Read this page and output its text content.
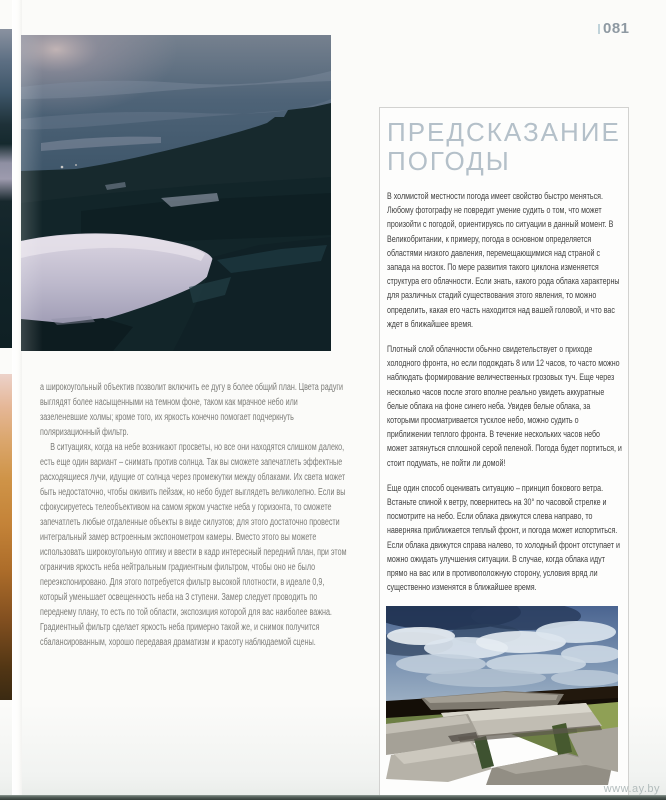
081

а широкоугольный объектив позволит включить ее дугу в более общий план. Цвета радуги выглядят более насыщенными на темном фоне, таком как мрачное небо или зазеленевшие холмы; кроме того, их яркость конечно помогает подчеркнуть поляризационный фильтр.

В ситуациях, когда на небе возникают просветы, но все они находятся слишком далеко, есть еще один вариант – снимать против солнца. Так вы сможете запечатлеть эффектные расходящиеся лучи, идущие от солнца через промежутки между облаками. Их света может быть недостаточно, чтобы оживить пейзаж, но небо будет выглядеть великолепно. Если вы сфокусируетесь телеобъективом на самом ярком участке неба у горизонта, то сможете запечатлеть любые отдаленные объекты в виде силуэтов; для этого достаточно провести интегральный замер встроенным экспонометром камеры. Вместо этого вы можете использовать широкоугольную оптику и ввести в кадр интересный передний план, при этом ограничив яркость неба нейтральным градиентным фильтром, чтобы оно не было переэкспонировано. Для этого потребуется фильтр высокой плотности, в идеале 0,9, который уменьшает освещенность неба на 3 ступени. Замер следует проводить по переднему плану, то есть по той области, экспозиция которой для вас наиболее важна. Градиентный фильтр сделает яркость неба примерно такой же, и снимок получится сбалансированным, хорошо передавая драматизм и красоту наблюдаемой сцены.

ПРЕДСКАЗАНИЕ ПОГОДЫ

В холмистой местности погода имеет свойство быстро меняться. Любому фотографу не повредит умение судить о том, что может произойти с погодой, ориентируясь по ситуации в данный момент. В Великобритании, к примеру, погода в основном определяется областями низкого давления, перемещающимися над страной с запада на восток. По мере развития такого циклона изменяется структура его облачности. Если знать, какого рода облака характерны для различных стадий существования этого явления, то можно определить, какая его часть находится над вашей головой, и что вас ждет в ближайшее время.

Плотный слой облачности обычно свидетельствует о приходе холодного фронта, но если подождать 8 или 12 часов, то часто можно наблюдать формирование величественных грозовых туч. Еще через несколько часов после этого вполне реально увидеть аккуратные белые облака на фоне синего неба. Увидев белые облака, за которыми просматривается тусклое небо, можно судить о приближении теплого фронта. В течение нескольких часов небо может затянуться сплошной серой пеленой. Погода будет портиться, и стоит подумать, не пойти ли домой!

Еще один способ оценивать ситуацию – принцип бокового ветра. Встаньте спиной к ветру, повернитесь на 30° по часовой стрелке и посмотрите на небо. Если облака движутся слева направо, то наверняка приближается теплый фронт, и погода может испортиться. Если облака движутся справа налево, то холодный фронт отступает и можно ожидать улучшения ситуации. В случае, когда облака идут прямо на вас или в противоположную сторону, условия вряд ли существенно изменятся в ближайшее время.

www.ay.by
